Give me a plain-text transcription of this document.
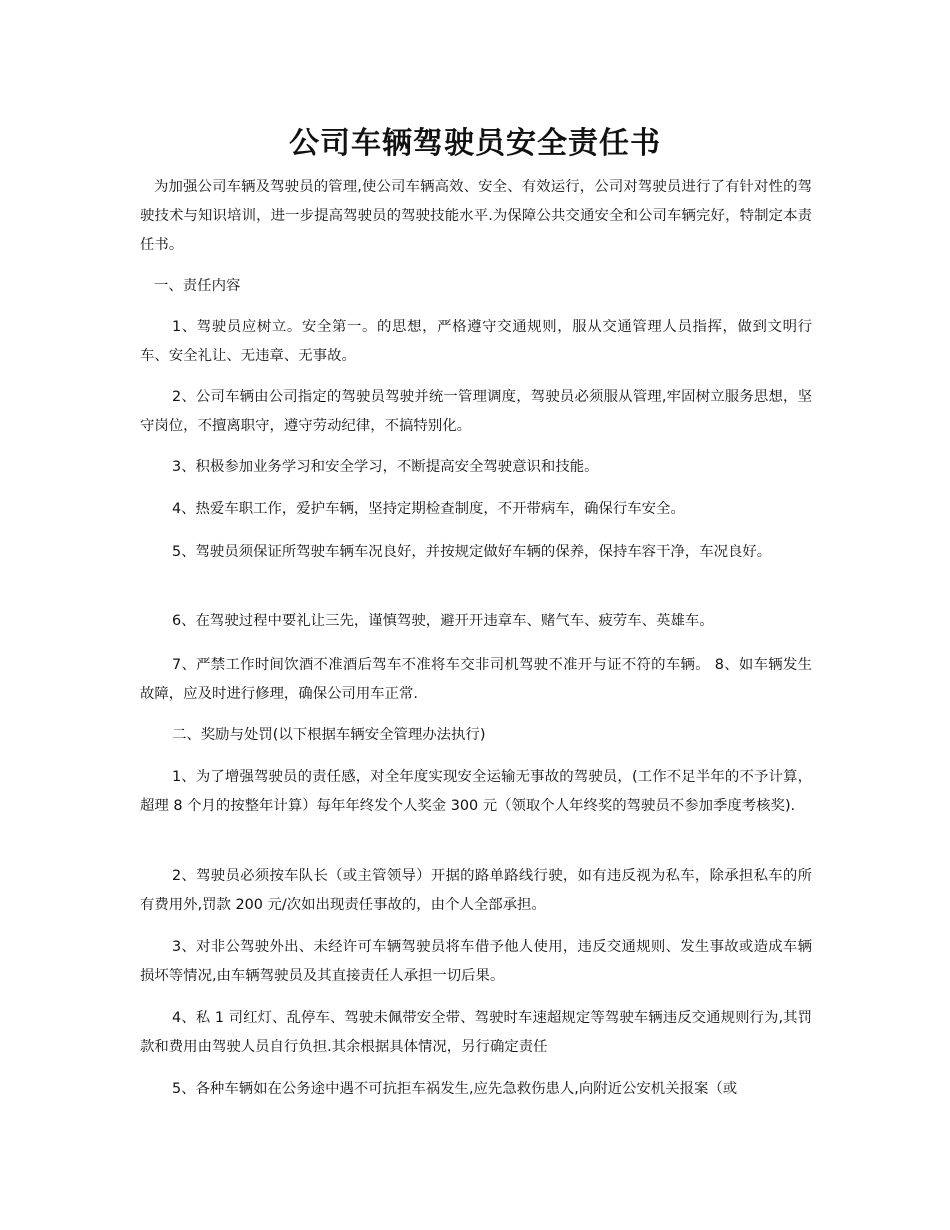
公司车辆驾驶员安全责任书

为加强公司车辆及驾驶员的管理,使公司车辆高效、安全、有效运行，公司对驾驶员进行了有针对性的驾驶技术与知识培训，进一步提高驾驶员的驾驶技能水平.为保障公共交通安全和公司车辆完好，特制定本责任书。

一、责任内容

1、驾驶员应树立。安全第一。的思想，严格遵守交通规则，服从交通管理人员指挥，做到文明行车、安全礼让、无违章、无事故。

2、公司车辆由公司指定的驾驶员驾驶并统一管理调度，驾驶员必须服从管理,牢固树立服务思想，坚守岗位，不擅离职守，遵守劳动纪律，不搞特别化。

3、积极参加业务学习和安全学习，不断提高安全驾驶意识和技能。

4、热爱车职工作，爱护车辆，坚持定期检查制度，不开带病车，确保行车安全。

5、驾驶员须保证所驾驶车辆车况良好，并按规定做好车辆的保养，保持车容干净，车况良好。

6、在驾驶过程中要礼让三先，谨慎驾驶，避开开违章车、赌气车、疲劳车、英雄车。

7、严禁工作时间饮酒不准酒后驾车不准将车交非司机驾驶不准开与证不符的车辆。 8、如车辆发生故障，应及时进行修理，确保公司用车正常.

二、奖励与处罚(以下根据车辆安全管理办法执行)

1、为了增强驾驶员的责任感，对全年度实现安全运输无事故的驾驶员，(工作不足半年的不予计算，超理 8 个月的按整年计算）每年年终发个人奖金 300 元（领取个人年终奖的驾驶员不参加季度考核奖).

2、驾驶员必须按车队长（或主管领导）开据的路单路线行驶，如有违反视为私车，除承担私车的所有费用外,罚款 200 元/次如出现责任事故的，由个人全部承担。

3、对非公驾驶外出、未经许可车辆驾驶员将车借予他人使用，违反交通规则、发生事故或造成车辆损坏等情况,由车辆驾驶员及其直接责任人承担一切后果。

4、私 1 司红灯、乱停车、驾驶未佩带安全带、驾驶时车速超规定等驾驶车辆违反交通规则行为,其罚款和费用由驾驶人员自行负担.其余根据具体情况，另行确定责任

5、各种车辆如在公务途中遇不可抗拒车祸发生,应先急救伤患人,向附近公安机关报案（或
